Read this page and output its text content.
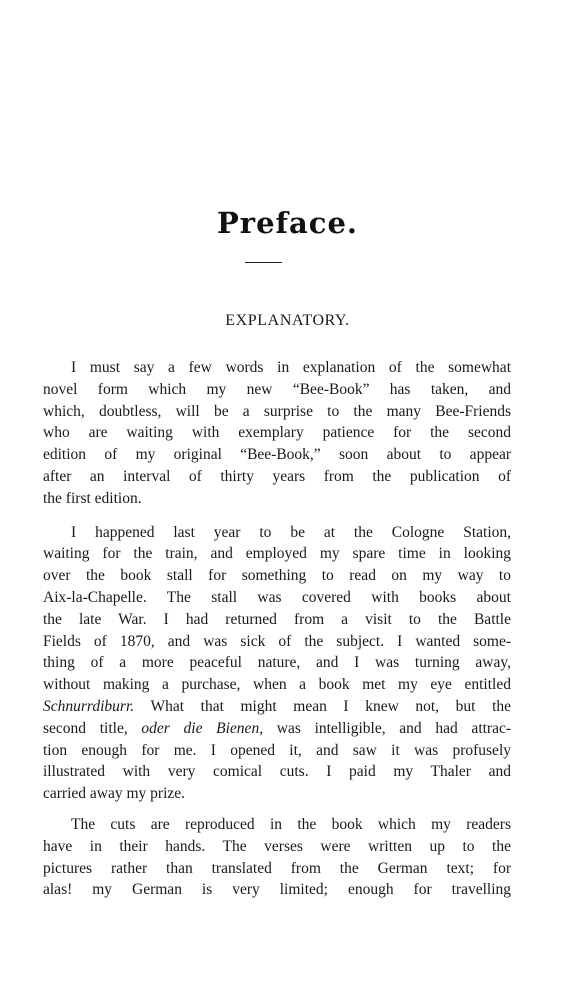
Preface.
EXPLANATORY.
I must say a few words in explanation of the somewhat
novel form which my new “Bee-Book” has taken, and
which, doubtless, will be a surprise to the many Bee-Friends
who are waiting with exemplary patience for the second
edition of my original “Bee-Book,” soon about to appear
after an interval of thirty years from the publication of
the first edition.
I happened last year to be at the Cologne Station,
waiting for the train, and employed my spare time in looking
over the book stall for something to read on my way to
Aix-la-Chapelle. The stall was covered with books about
the late War. I had returned from a visit to the Battle
Fields of 1870, and was sick of the subject. I wanted some-
thing of a more peaceful nature, and I was turning away,
without making a purchase, when a book met my eye entitled
Schnurrdiburr. What that might mean I knew not, but the
second title, oder die Bienen, was intelligible, and had attrac-
tion enough for me. I opened it, and saw it was profusely
illustrated with very comical cuts. I paid my Thaler and
carried away my prize.
The cuts are reproduced in the book which my readers
have in their hands. The verses were written up to the
pictures rather than translated from the German text; for
alas! my German is very limited; enough for travelling
